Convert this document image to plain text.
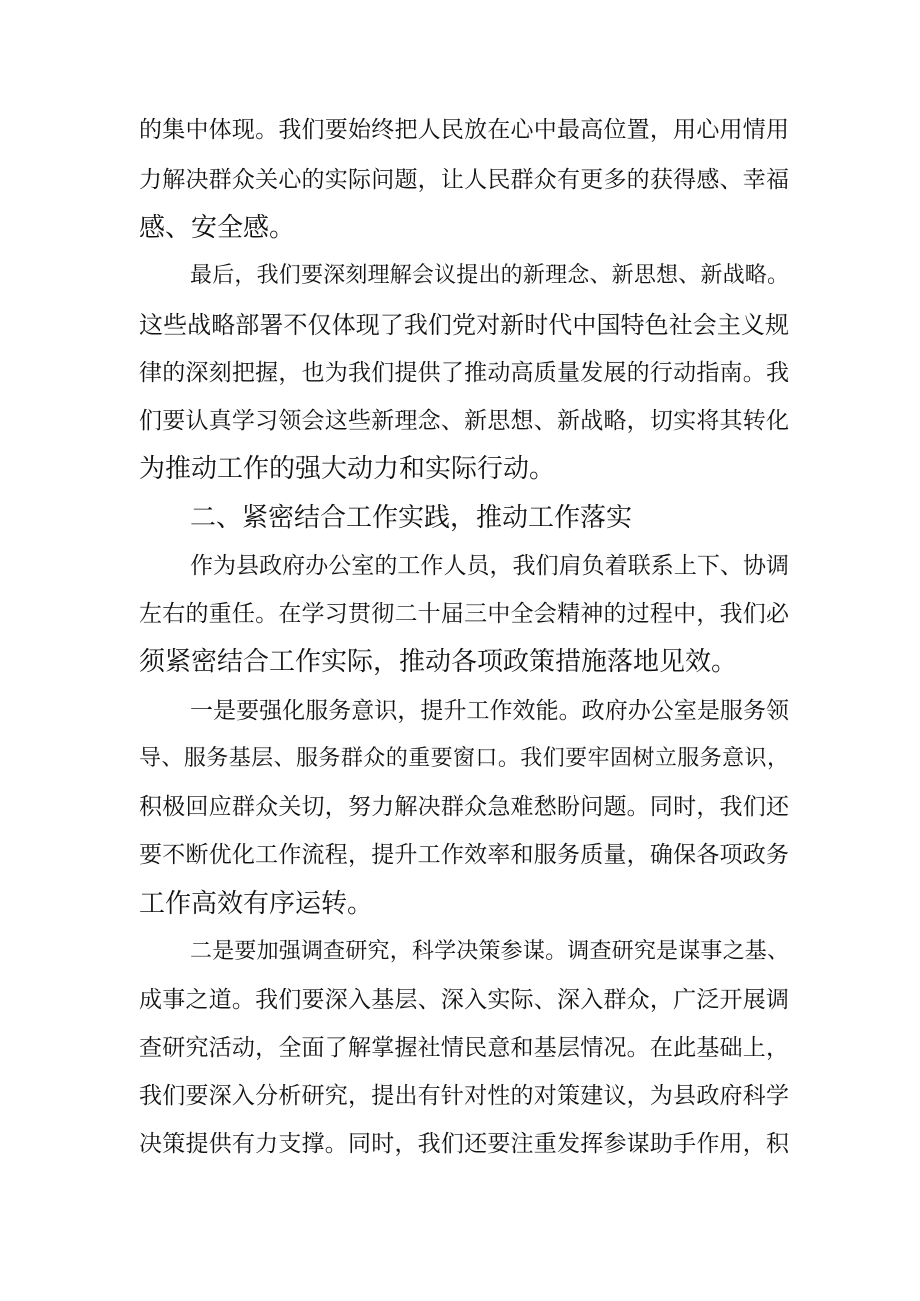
的集中体现。我们要始终把人民放在心中最高位置，用心用情用
力解决群众关心的实际问题，让人民群众有更多的获得感、幸福
感、安全感。
最后，我们要深刻理解会议提出的新理念、新思想、新战略。
这些战略部署不仅体现了我们党对新时代中国特色社会主义规
律的深刻把握，也为我们提供了推动高质量发展的行动指南。我
们要认真学习领会这些新理念、新思想、新战略，切实将其转化
为推动工作的强大动力和实际行动。
二、紧密结合工作实践，推动工作落实
作为县政府办公室的工作人员，我们肩负着联系上下、协调
左右的重任。在学习贯彻二十届三中全会精神的过程中，我们必
须紧密结合工作实际，推动各项政策措施落地见效。
一是要强化服务意识，提升工作效能。政府办公室是服务领
导、服务基层、服务群众的重要窗口。我们要牢固树立服务意识，
积极回应群众关切，努力解决群众急难愁盼问题。同时，我们还
要不断优化工作流程，提升工作效率和服务质量，确保各项政务
工作高效有序运转。
二是要加强调查研究，科学决策参谋。调查研究是谋事之基、
成事之道。我们要深入基层、深入实际、深入群众，广泛开展调
查研究活动，全面了解掌握社情民意和基层情况。在此基础上，
我们要深入分析研究，提出有针对性的对策建议，为县政府科学
决策提供有力支撑。同时，我们还要注重发挥参谋助手作用，积
